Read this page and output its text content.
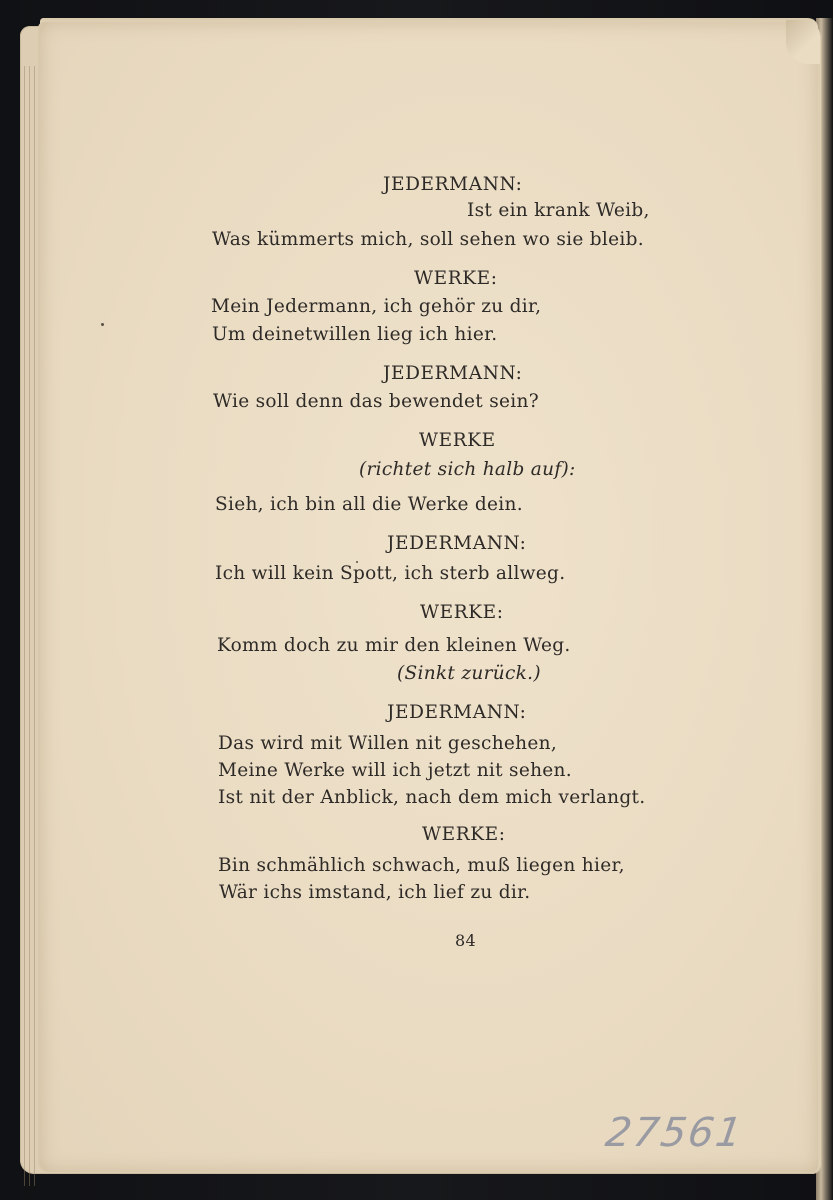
JEDERMANN:
Ist ein krank Weib,
Was kümmerts mich, soll sehen wo sie bleib.
WERKE:
Mein Jedermann, ich gehör zu dir,
Um deinetwillen lieg ich hier.
JEDERMANN:
Wie soll denn das bewendet sein?
WERKE
(richtet sich halb auf):
Sieh, ich bin all die Werke dein.
JEDERMANN:
Ich will kein Spott, ich sterb allweg.
WERKE:
Komm doch zu mir den kleinen Weg.
(Sinkt zurück.)
JEDERMANN:
Das wird mit Willen nit geschehen,
Meine Werke will ich jetzt nit sehen.
Ist nit der Anblick, nach dem mich verlangt.
WERKE:
Bin schmählich schwach, muß liegen hier,
Wär ichs imstand, ich lief zu dir.
84
27561
